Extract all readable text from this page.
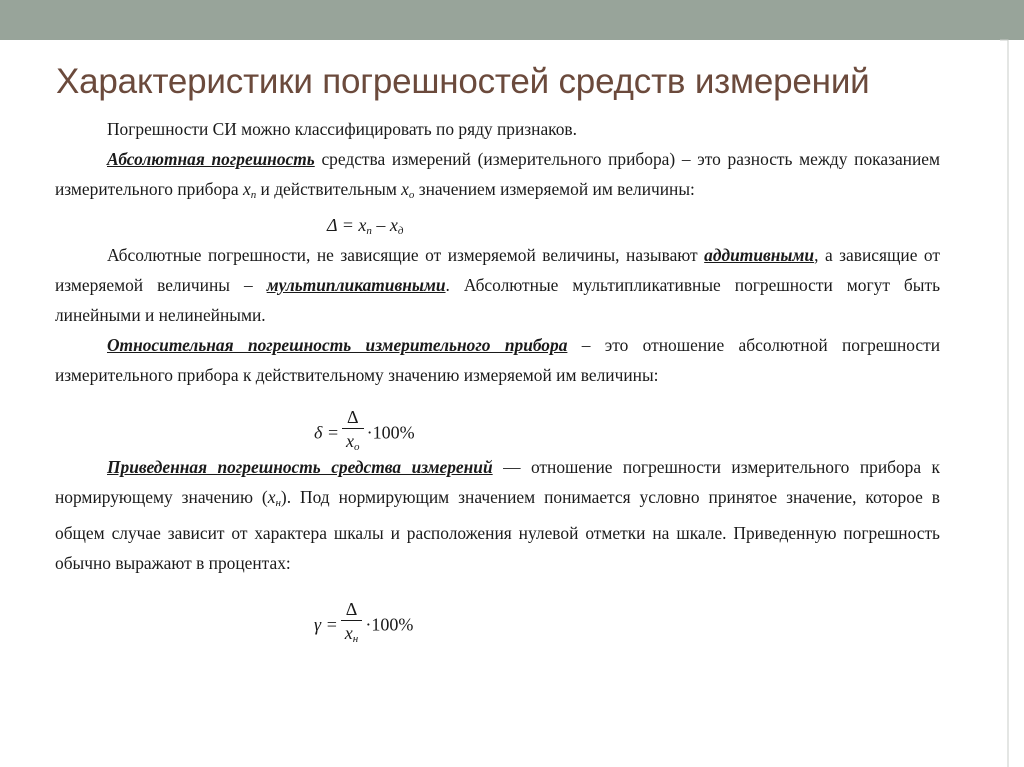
Характеристики погрешностей средств измерений

Погрешности СИ можно классифицировать по ряду признаков.

Абсолютная погрешность средства измерений (измерительного прибора) – это разность между показанием измерительного прибора $x_п$ и действительным $x_о$ значением измеряемой им величины:

$\Delta = x_п - x_д$

Абсолютные погрешности, не зависящие от измеряемой величины, называют аддитивными, а зависящие от измеряемой величины – мультипликативными. Абсолютные мультипликативные погрешности могут быть линейными и нелинейными.

Относительная погрешность измерительного прибора – это отношение абсолютной погрешности измерительного прибора к действительному значению измеряемой им величины:

$\delta = \frac{\Delta}{x_о} \cdot 100\%$

Приведенная погрешность средства измерений — отношение погрешности измерительного прибора к нормирующему значению $(x_н)$. Под нормирующим значением понимается условно принятое значение, которое в общем случае зависит от характера шкалы и расположения нулевой отметки на шкале. Приведенную погрешность обычно выражают в процентах:

$\gamma = \frac{\Delta}{x_н} \cdot 100\%$
